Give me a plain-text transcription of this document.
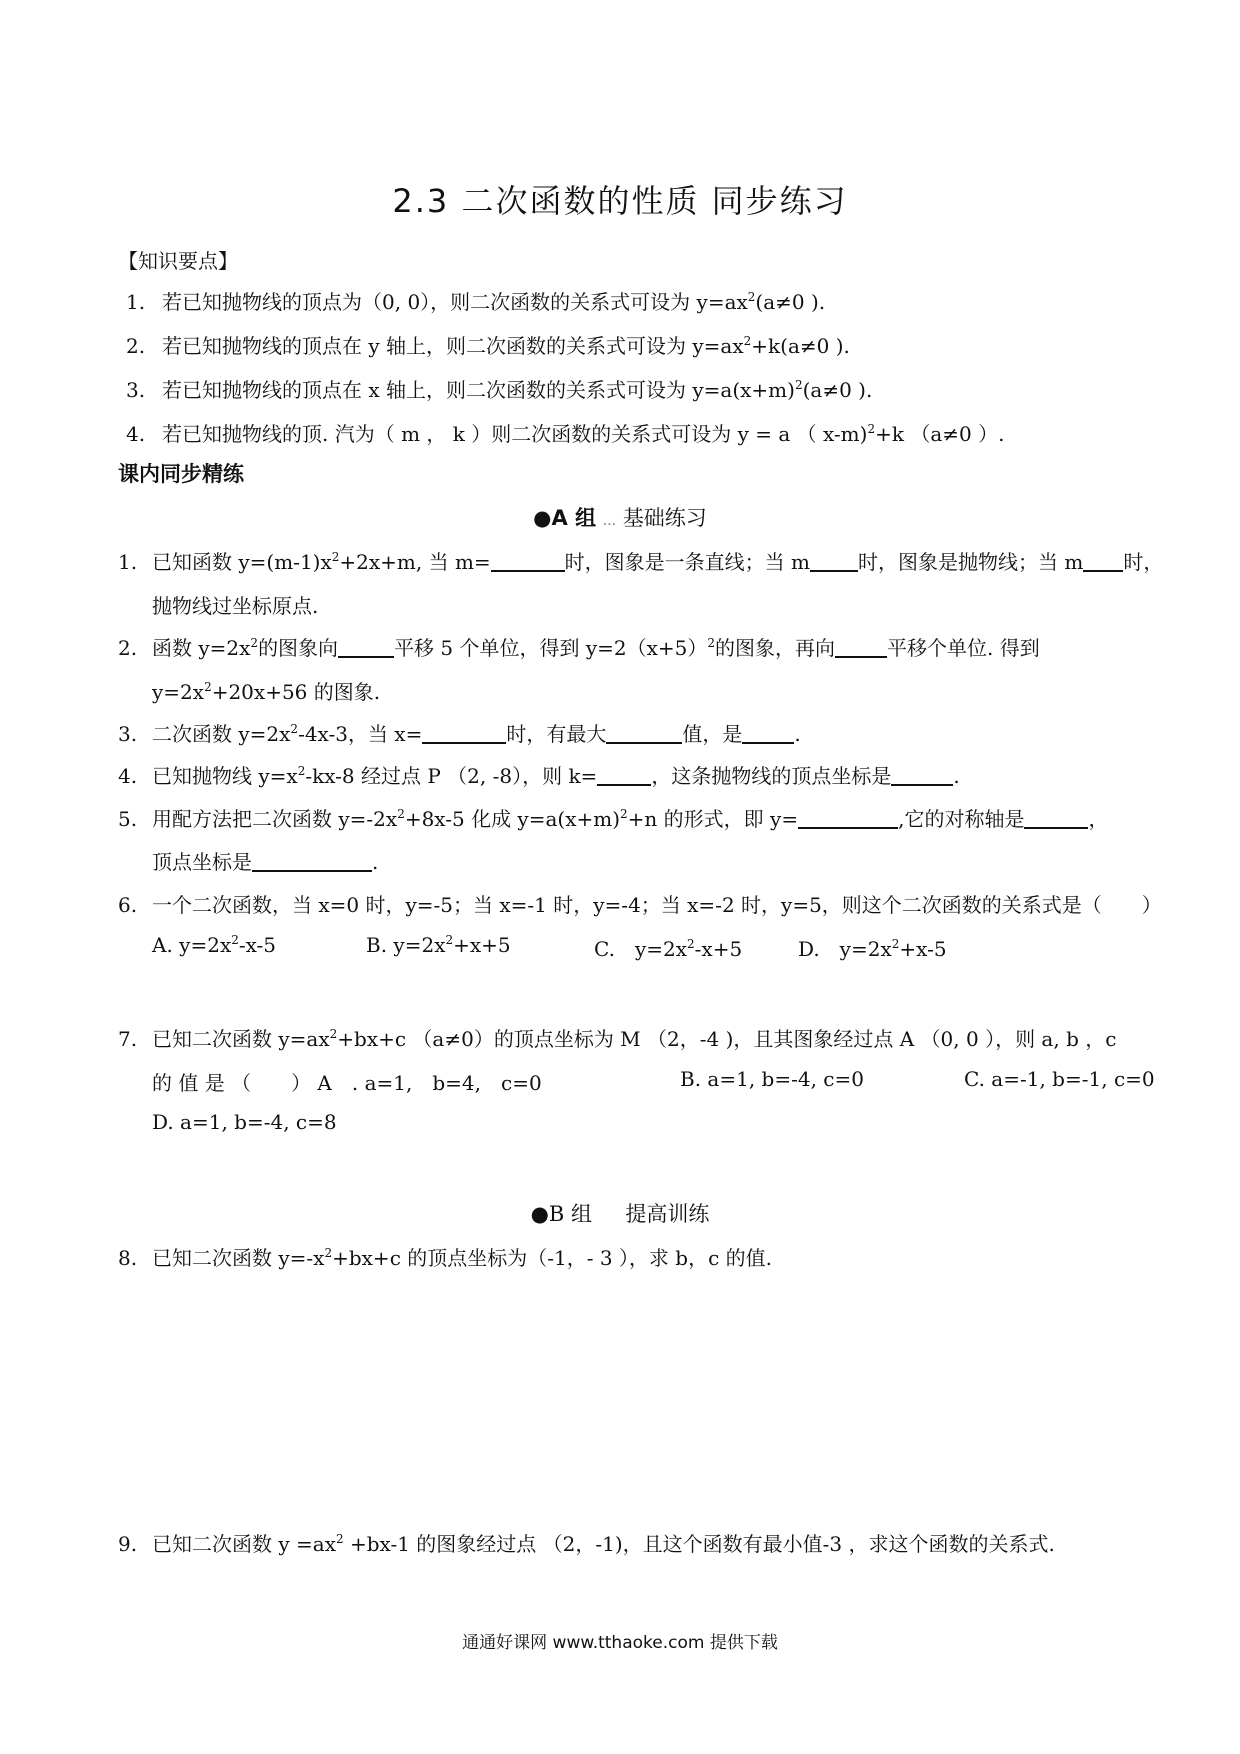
2.3 二次函数的性质 同步练习
【知识要点】
1. 若已知抛物线的顶点为（0, 0），则二次函数的关系式可设为 $y=ax^2(a\ne 0$ ).
2. 若已知抛物线的顶点在 y 轴上，则二次函数的关系式可设为 $y=ax^2+k(a\ne 0$ ).
3. 若已知抛物线的顶点在 x 轴上，则二次函数的关系式可设为 $y=a(x+m)^2(a\ne 0$ ).
4. 若已知抛物线的顶. 汽为（ m ， k ）则二次函数的关系式可设为 y = a （ x-m)$^2$+k （a≠0 ）.
课内同步精练
●A 组 ... 基础练习
1. 已知函数 $y=(m-1)x^2+2x+m$, 当 m=	时，图象是一条直线；当 m 时，图象是抛物线；当 m 时，
抛物线过坐标原点.
2. 函数 $y=2x^2$的图象向	平移 5 个单位，得到 $y=2(x+5)^2$的图象，再向	平移个单位. 得到
$y=2x^2+20x+56$ 的图象.
3. 二次函数 $y=2x^2-4x-3$，当 x=	时，有最大	值，是	.
4. 已知抛物线 $y=x^2-kx-8$ 经过点 P （2, -8），则 k=	，这条抛物线的顶点坐标是	.
5. 用配方法把二次函数 $y=-2x^2+8x-5$ 化成 $y=a(x+m)^2+n$ 的形式，即 y=	,它的对称轴是	，
顶点坐标是	.
6. 一个二次函数，当 x=0 时，y=-5；当 x=-1 时，y=-4；当 x=-2 时，y=5，则这个二次函数的关系式是（　　）
A. $y=2x^2-x-5$	B. $y=2x^2+x+5$	C.　$y=2x^2-x+5$	D.　$y=2x^2+x-5$
7. 已知二次函数 $y=ax^2+bx+c$ （a≠0）的顶点坐标为 M （2，-4 )，且其图象经过点 A （0, 0 ），则 a, b ，c
的 值 是 （　　） A　. a=1,　b=4,　c=0	B. a=1, b=-4, c=0	C. a=-1, b=-1, c=0
D. a=1, b=-4, c=8
●B 组 提高训练
8. 已知二次函数 $y=-x^2+bx+c$ 的顶点坐标为（-1，- 3 ），求 b，c 的值.
9. 已知二次函数 $y =ax^2 +bx-1$ 的图象经过点 （2，-1)，且这个函数有最小值-3 ，求这个函数的关系式.
通通好课网 www.tthaoke.com 提供下载
